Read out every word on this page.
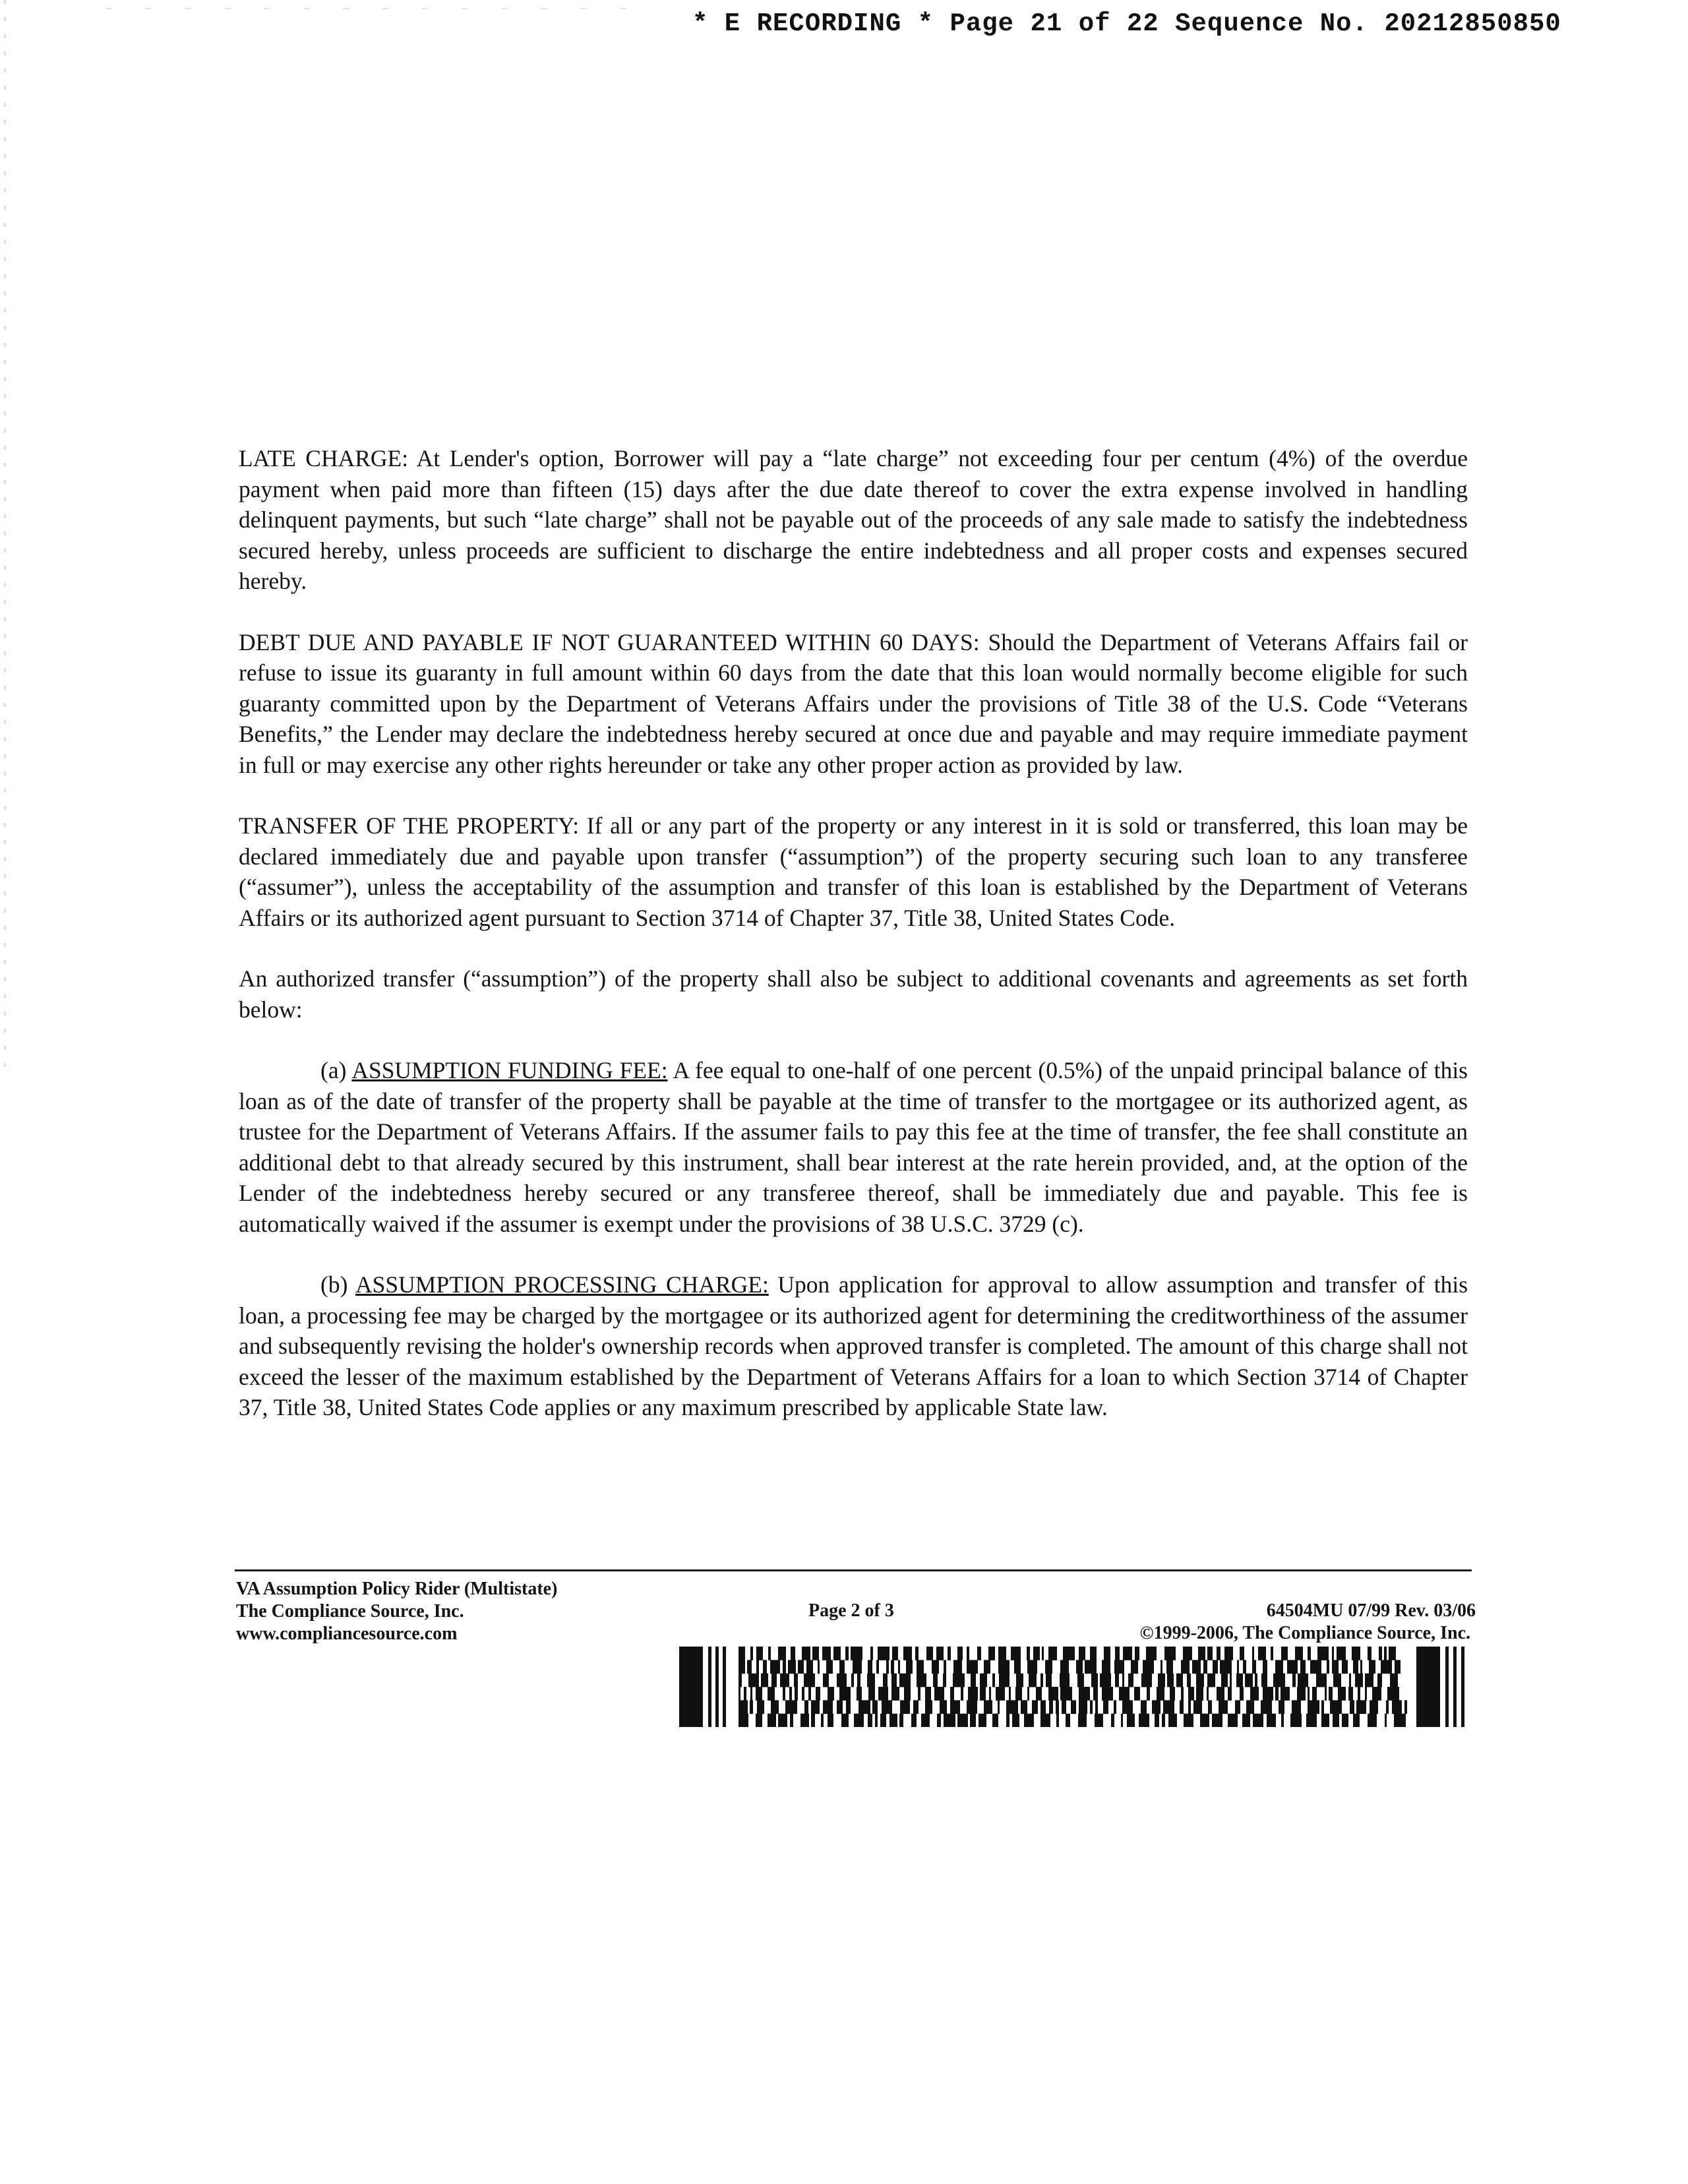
* E RECORDING * Page 21 of 22 Sequence No. 20212850850

LATE CHARGE: At Lender's option, Borrower will pay a “late charge” not exceeding four per centum (4%) of the overdue payment when paid more than fifteen (15) days after the due date thereof to cover the extra expense involved in handling delinquent payments, but such “late charge” shall not be payable out of the proceeds of any sale made to satisfy the indebtedness secured hereby, unless proceeds are sufficient to discharge the entire indebtedness and all proper costs and expenses secured hereby.

DEBT DUE AND PAYABLE IF NOT GUARANTEED WITHIN 60 DAYS: Should the Department of Veterans Affairs fail or refuse to issue its guaranty in full amount within 60 days from the date that this loan would normally become eligible for such guaranty committed upon by the Department of Veterans Affairs under the provisions of Title 38 of the U.S. Code “Veterans Benefits,” the Lender may declare the indebtedness hereby secured at once due and payable and may require immediate payment in full or may exercise any other rights hereunder or take any other proper action as provided by law.

TRANSFER OF THE PROPERTY: If all or any part of the property or any interest in it is sold or transferred, this loan may be declared immediately due and payable upon transfer (“assumption”) of the property securing such loan to any transferee (“assumer”), unless the acceptability of the assumption and transfer of this loan is established by the Department of Veterans Affairs or its authorized agent pursuant to Section 3714 of Chapter 37, Title 38, United States Code.

An authorized transfer (“assumption”) of the property shall also be subject to additional covenants and agreements as set forth below:

(a) ASSUMPTION FUNDING FEE: A fee equal to one-half of one percent (0.5%) of the unpaid principal balance of this loan as of the date of transfer of the property shall be payable at the time of transfer to the mortgagee or its authorized agent, as trustee for the Department of Veterans Affairs. If the assumer fails to pay this fee at the time of transfer, the fee shall constitute an additional debt to that already secured by this instrument, shall bear interest at the rate herein provided, and, at the option of the Lender of the indebtedness hereby secured or any transferee thereof, shall be immediately due and payable. This fee is automatically waived if the assumer is exempt under the provisions of 38 U.S.C. 3729 (c).

(b) ASSUMPTION PROCESSING CHARGE: Upon application for approval to allow assumption and transfer of this loan, a processing fee may be charged by the mortgagee or its authorized agent for determining the creditworthiness of the assumer and subsequently revising the holder's ownership records when approved transfer is completed. The amount of this charge shall not exceed the lesser of the maximum established by the Department of Veterans Affairs for a loan to which Section 3714 of Chapter 37, Title 38, United States Code applies or any maximum prescribed by applicable State law.

VA Assumption Policy Rider (Multistate)
The Compliance Source, Inc.
www.compliancesource.com
Page 2 of 3	64504MU 07/99 Rev. 03/06
©1999-2006, The Compliance Source, Inc.
